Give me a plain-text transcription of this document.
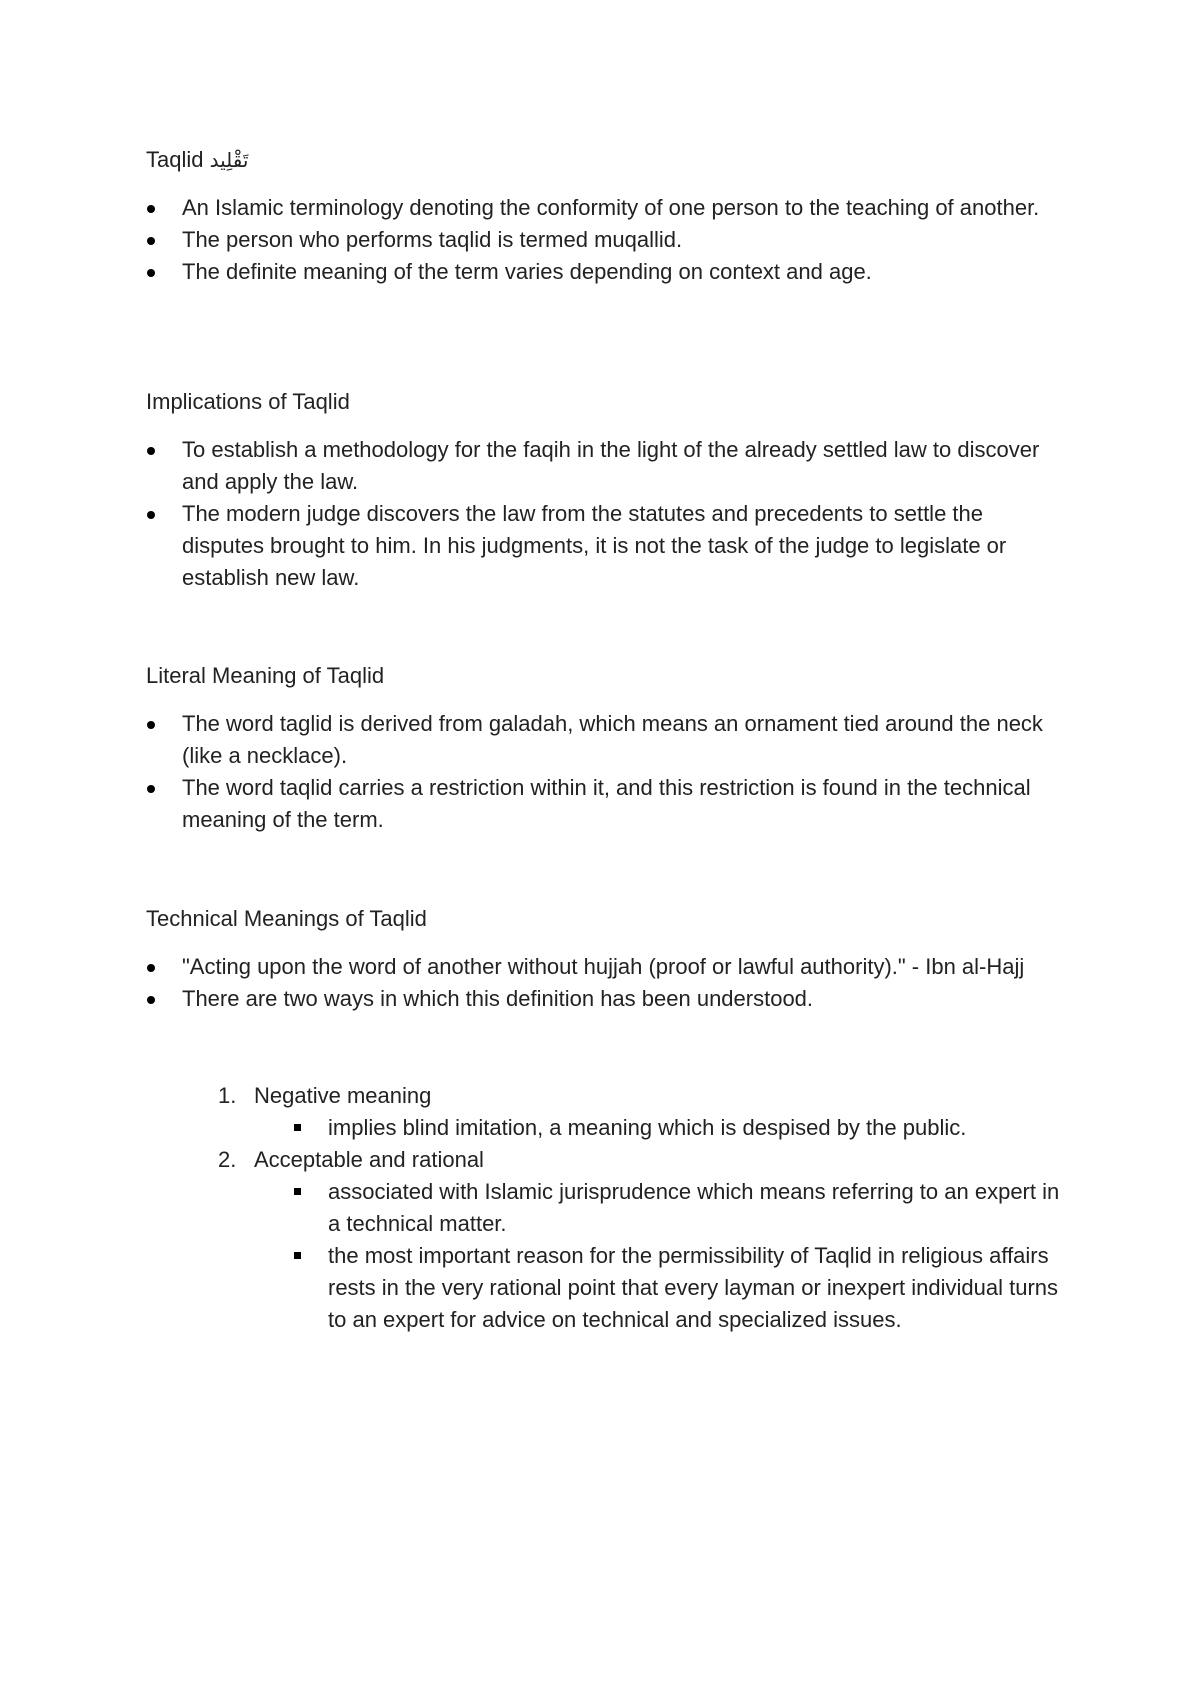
Taqlid تَقْلِيد
An Islamic terminology denoting the conformity of one person to the teaching of another.
The person who performs taqlid is termed muqallid.
The definite meaning of the term varies depending on context and age.
Implications of Taqlid
To establish a methodology for the faqih in the light of the already settled law to discover and apply the law.
The modern judge discovers the law from the statutes and precedents to settle the disputes brought to him. In his judgments, it is not the task of the judge to legislate or establish new law.
Literal Meaning of Taqlid
The word taglid is derived from galadah, which means an ornament tied around the neck (like a necklace).
The word taqlid carries a restriction within it, and this restriction is found in the technical meaning of the term.
Technical Meanings of Taqlid
"Acting upon the word of another without hujjah (proof or lawful authority)." - Ibn al-Hajj
There are two ways in which this definition has been understood.
1. Negative meaning
implies blind imitation, a meaning which is despised by the public.
2. Acceptable and rational
associated with Islamic jurisprudence which means referring to an expert in a technical matter.
the most important reason for the permissibility of Taqlid in religious affairs rests in the very rational point that every layman or inexpert individual turns to an expert for advice on technical and specialized issues.
